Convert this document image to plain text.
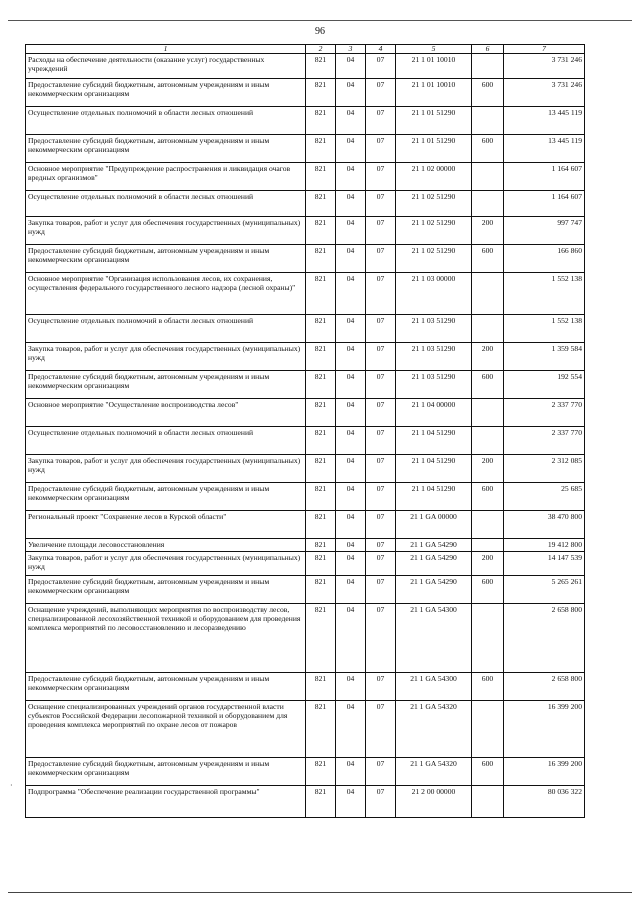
96
·
1	2	3	4	5	6	7
Расходы на обеспечение деятельности (оказание услуг) государственных учреждений	821	04	07	21 1 01 10010		3 731 246
Предоставление субсидий бюджетным, автономным учреждениям и иным некоммерческим организациям	821	04	07	21 1 01 10010	600	3 731 246
Осуществление отдельных полномочий в области лесных отношений	821	04	07	21 1 01 51290		13 445 119
Предоставление субсидий бюджетным, автономным учреждениям и иным некоммерческим организациям	821	04	07	21 1 01 51290	600	13 445 119
Основное мероприятие "Предупреждение распространения и ликвидация очагов вредных организмов"	821	04	07	21 1 02 00000		1 164 607
Осуществление отдельных полномочий в области лесных отношений	821	04	07	21 1 02 51290		1 164 607
Закупка товаров, работ и услуг для обеспечения государственных (муниципальных) нужд	821	04	07	21 1 02 51290	200	997 747
Предоставление субсидий бюджетным, автономным учреждениям и иным некоммерческим организациям	821	04	07	21 1 02 51290	600	166 860
Основное мероприятие "Организация использования лесов, их сохранения, осуществления федерального государственного лесного надзора (лесной охраны)"	821	04	07	21 1 03 00000		1 552 138
Осуществление отдельных полномочий в области лесных отношений	821	04	07	21 1 03 51290		1 552 138
Закупка товаров, работ и услуг для обеспечения государственных (муниципальных) нужд	821	04	07	21 1 03 51290	200	1 359 584
Предоставление субсидий бюджетным, автономным учреждениям и иным некоммерческим организациям	821	04	07	21 1 03 51290	600	192 554
Основное мероприятие "Осуществление воспроизводства лесов"	821	04	07	21 1 04 00000		2 337 770
Осуществление отдельных полномочий в области лесных отношений	821	04	07	21 1 04 51290		2 337 770
Закупка товаров, работ и услуг для обеспечения государственных (муниципальных) нужд	821	04	07	21 1 04 51290	200	2 312 085
Предоставление субсидий бюджетным, автономным учреждениям и иным некоммерческим организациям	821	04	07	21 1 04 51290	600	25 685
Региональный проект "Сохранение лесов в Курской области"	821	04	07	21 1 GA 00000		38 470 800
Увеличение площади лесовосстановления	821	04	07	21 1 GA 54290		19 412 800
Закупка товаров, работ и услуг для обеспечения государственных (муниципальных) нужд	821	04	07	21 1 GA 54290	200	14 147 539
Предоставление субсидий бюджетным, автономным учреждениям и иным некоммерческим организациям	821	04	07	21 1 GA 54290	600	5 265 261
Оснащение учреждений, выполняющих мероприятия по воспроизводству лесов, специализированной лесохозяйственной техникой и оборудованием для проведения комплекса мероприятий по лесовосстановлению и лесоразведению	821	04	07	21 1 GA 54300		2 658 800
Предоставление субсидий бюджетным, автономным учреждениям и иным некоммерческим организациям	821	04	07	21 1 GA 54300	600	2 658 800
Оснащение специализированных учреждений органов государственной власти субъектов Российской Федерации лесопожарной техникой и оборудованием для проведения комплекса мероприятий по охране лесов от пожаров	821	04	07	21 1 GA 54320		16 399 200
Предоставление субсидий бюджетным, автономным учреждениям и иным некоммерческим организациям	821	04	07	21 1 GA 54320	600	16 399 200
Подпрограмма "Обеспечение реализации государственной программы"	821	04	07	21 2 00 00000		80 036 322
